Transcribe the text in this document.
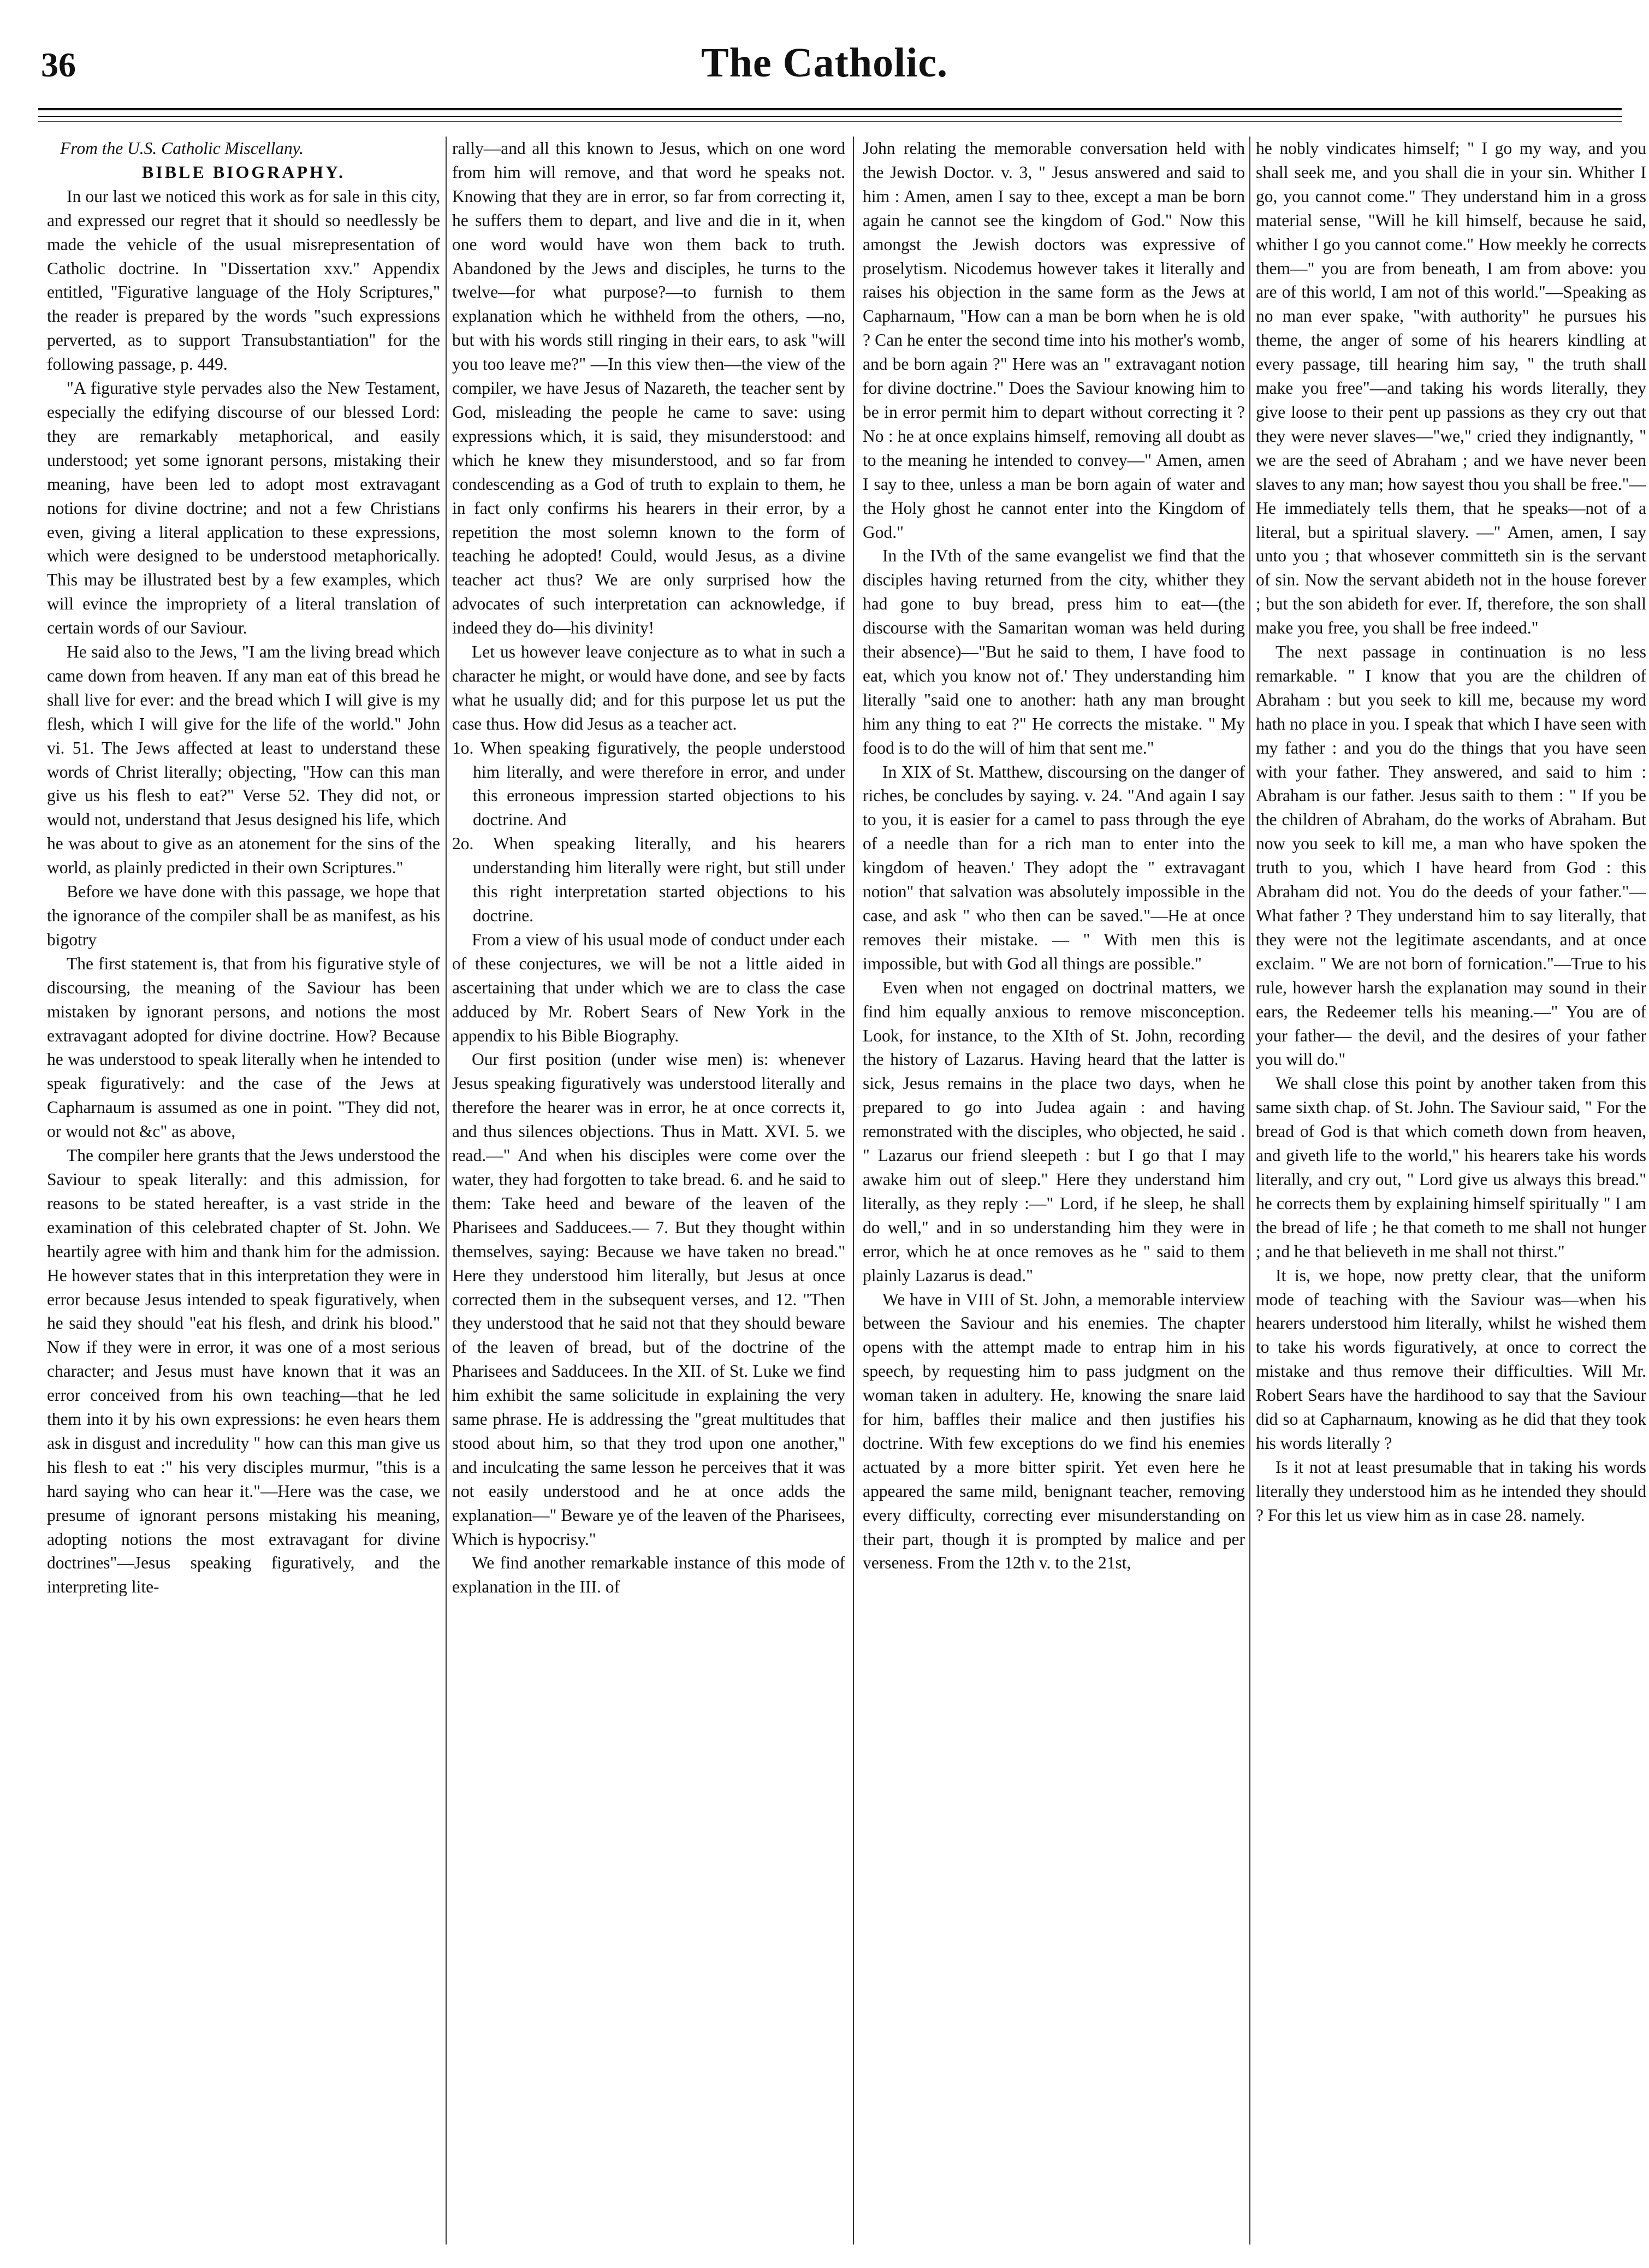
36	The Catholic.

From the U.S. Catholic Miscellany.

BIBLE BIOGRAPHY.

In our last we noticed this work as for sale in this city, and expressed our regret that it should so needlessly be made the vehicle of the usual misrepresentation of Catholic doctrine. In "Dissertation xxv." Appendix entitled, "Figurative language of the Holy Scriptures," the reader is prepared by the words "such expressions perverted, as to support Transubstantiation" for the following passage, p. 449.

"A figurative style pervades also the New Testament, especially the edifying discourse of our blessed Lord: they are remarkably metaphorical, and easily understood; yet some ignorant persons, mistaking their meaning, have been led to adopt most extravagant notions for divine doctrine; and not a few Christians even, giving a literal application to these expressions, which were designed to be understood metaphorically. This may be illustrated best by a few examples, which will evince the impropriety of a literal translation of certain words of our Saviour.

He said also to the Jews, "I am the living bread which came down from heaven. If any man eat of this bread he shall live for ever: and the bread which I will give is my flesh, which I will give for the life of the world." John vi. 51. The Jews affected at least to understand these words of Christ literally; objecting, "How can this man give us his flesh to eat?" Verse 52. They did not, or would not, understand that Jesus designed his life, which he was about to give as an atonement for the sins of the world, as plainly predicted in their own Scriptures."

Before we have done with this passage, we hope that the ignorance of the compiler shall be as manifest, as his bigotry

The first statement is, that from his figurative style of discoursing, the meaning of the Saviour has been mistaken by ignorant persons, and notions the most extravagant adopted for divine doctrine. How? Because he was understood to speak literally when he intended to speak figuratively: and the case of the Jews at Capharnaum is assumed as one in point. "They did not, or would not &c" as above,

The compiler here grants that the Jews understood the Saviour to speak literally: and this admission, for reasons to be stated hereafter, is a vast stride in the examination of this celebrated chapter of St. John. We heartily agree with him and thank him for the admission. He however states that in this interpretation they were in error because Jesus intended to speak figuratively, when he said they should "eat his flesh, and drink his blood." Now if they were in error, it was one of a most serious character; and Jesus must have known that it was an error conceived from his own teaching—that he led them into it by his own expressions: he even hears them ask in disgust and incredulity " how can this man give us his flesh to eat :" his very disciples murmur, "this is a hard saying who can hear it."—Here was the case, we presume of ignorant persons mistaking his meaning, adopting notions the most extravagant for divine doctrines"—Jesus speaking figuratively, and the interpreting lite-

rally—and all this known to Jesus, which on one word from him will remove, and that word he speaks not. Knowing that they are in error, so far from correcting it, he suffers them to depart, and live and die in it, when one word would have won them back to truth. Abandoned by the Jews and disciples, he turns to the twelve—for what purpose?—to furnish to them explanation which he withheld from the others, —no, but with his words still ringing in their ears, to ask "will you too leave me?" —In this view then—the view of the compiler, we have Jesus of Nazareth, the teacher sent by God, misleading the people he came to save: using expressions which, it is said, they misunderstood: and which he knew they misunderstood, and so far from condescending as a God of truth to explain to them, he in fact only confirms his hearers in their error, by a repetition the most solemn known to the form of teaching he adopted! Could, would Jesus, as a divine teacher act thus? We are only surprised how the advocates of such interpretation can acknowledge, if indeed they do—his divinity!

Let us however leave conjecture as to what in such a character he might, or would have done, and see by facts what he usually did; and for this purpose let us put the case thus. How did Jesus as a teacher act.

1o. When speaking figuratively, the people understood him literally, and were therefore in error, and under this erroneous impression started objections to his doctrine. And

2o. When speaking literally, and his hearers understanding him literally were right, but still under this right interpretation started objections to his doctrine.

From a view of his usual mode of conduct under each of these conjectures, we will be not a little aided in ascertaining that under which we are to class the case adduced by Mr. Robert Sears of New York in the appendix to his Bible Biography.

Our first position (under wise men) is: whenever Jesus speaking figuratively was understood literally and therefore the hearer was in error, he at once corrects it, and thus silences objections. Thus in Matt. XVI. 5. we read.—" And when his disciples were come over the water, they had forgotten to take bread. 6. and he said to them: Take heed and beware of the leaven of the Pharisees and Sadducees.— 7. But they thought within themselves, saying: Because we have taken no bread." Here they understood him literally, but Jesus at once corrected them in the subsequent verses, and 12. "Then they understood that he said not that they should beware of the leaven of bread, but of the doctrine of the Pharisees and Sadducees. In the XII. of St. Luke we find him exhibit the same solicitude in explaining the very same phrase. He is addressing the "great multitudes that stood about him, so that they trod upon one another," and inculcating the same lesson he perceives that it was not easily understood and he at once adds the explanation—" Beware ye of the leaven of the Pharisees, Which is hypocrisy."

We find another remarkable instance of this mode of explanation in the III. of

John relating the memorable conversation held with the Jewish Doctor. v. 3, " Jesus answered and said to him : Amen, amen I say to thee, except a man be born again he cannot see the kingdom of God." Now this amongst the Jewish doctors was expressive of proselytism. Nicodemus however takes it literally and raises his objection in the same form as the Jews at Capharnaum, "How can a man be born when he is old ? Can he enter the second time into his mother's womb, and be born again ?" Here was an " extravagant notion for divine doctrine." Does the Saviour knowing him to be in error permit him to depart without correcting it ? No : he at once explains himself, removing all doubt as to the meaning he intended to convey—" Amen, amen I say to thee, unless a man be born again of water and the Holy ghost he cannot enter into the Kingdom of God."

In the IVth of the same evangelist we find that the disciples having returned from the city, whither they had gone to buy bread, press him to eat—(the discourse with the Samaritan woman was held during their absence)—"But he said to them, I have food to eat, which you know not of.' They understanding him literally "said one to another: hath any man brought him any thing to eat ?" He corrects the mistake. " My food is to do the will of him that sent me."

In XIX of St. Matthew, discoursing on the danger of riches, be concludes by saying. v. 24. "And again I say to you, it is easier for a camel to pass through the eye of a needle than for a rich man to enter into the kingdom of heaven.' They adopt the " extravagant notion" that salvation was absolutely impossible in the case, and ask " who then can be saved."—He at once removes their mistake. — " With men this is impossible, but with God all things are possible."

Even when not engaged on doctrinal matters, we find him equally anxious to remove misconception. Look, for instance, to the XIth of St. John, recording the history of Lazarus. Having heard that the latter is sick, Jesus remains in the place two days, when he prepared to go into Judea again : and having remonstrated with the disciples, who objected, he said . " Lazarus our friend sleepeth : but I go that I may awake him out of sleep." Here they understand him literally, as they reply :—" Lord, if he sleep, he shall do well," and in so understanding him they were in error, which he at once removes as he " said to them plainly Lazarus is dead."

We have in VIII of St. John, a memorable interview between the Saviour and his enemies. The chapter opens with the attempt made to entrap him in his speech, by requesting him to pass judgment on the woman taken in adultery. He, knowing the snare laid for him, baffles their malice and then justifies his doctrine. With few exceptions do we find his enemies actuated by a more bitter spirit. Yet even here he appeared the same mild, benignant teacher, removing every difficulty, correcting ever misunderstanding on their part, though it is prompted by malice and per verseness. From the 12th v. to the 21st,

he nobly vindicates himself; " I go my way, and you shall seek me, and you shall die in your sin. Whither I go, you cannot come." They understand him in a gross material sense, "Will he kill himself, because he said, whither I go you cannot come." How meekly he corrects them—" you are from beneath, I am from above: you are of this world, I am not of this world."—Speaking as no man ever spake, "with authority" he pursues his theme, the anger of some of his hearers kindling at every passage, till hearing him say, " the truth shall make you free"—and taking his words literally, they give loose to their pent up passions as they cry out that they were never slaves—"we," cried they indignantly, " we are the seed of Abraham ; and we have never been slaves to any man; how sayest thou you shall be free."— He immediately tells them, that he speaks—not of a literal, but a spiritual slavery. —" Amen, amen, I say unto you ; that whosever committeth sin is the servant of sin. Now the servant abideth not in the house forever ; but the son abideth for ever. If, therefore, the son shall make you free, you shall be free indeed."

The next passage in continuation is no less remarkable. " I know that you are the children of Abraham : but you seek to kill me, because my word hath no place in you. I speak that which I have seen with my father : and you do the things that you have seen with your father. They answered, and said to him : Abraham is our father. Jesus saith to them : " If you be the children of Abraham, do the works of Abraham. But now you seek to kill me, a man who have spoken the truth to you, which I have heard from God : this Abraham did not. You do the deeds of your father."—What father ? They understand him to say literally, that they were not the legitimate ascendants, and at once exclaim. " We are not born of fornication."—True to his rule, however harsh the explanation may sound in their ears, the Redeemer tells his meaning.—" You are of your father— the devil, and the desires of your father you will do."

We shall close this point by another taken from this same sixth chap. of St. John. The Saviour said, " For the bread of God is that which cometh down from heaven, and giveth life to the world," his hearers take his words literally, and cry out, " Lord give us always this bread." he corrects them by explaining himself spiritually " I am the bread of life ; he that cometh to me shall not hunger ; and he that believeth in me shall not thirst."

It is, we hope, now pretty clear, that the uniform mode of teaching with the Saviour was—when his hearers understood him literally, whilst he wished them to take his words figuratively, at once to correct the mistake and thus remove their difficulties. Will Mr. Robert Sears have the hardihood to say that the Saviour did so at Capharnaum, knowing as he did that they took his words literally ?

Is it not at least presumable that in taking his words literally they understood him as he intended they should ? For this let us view him as in case 28. namely.
